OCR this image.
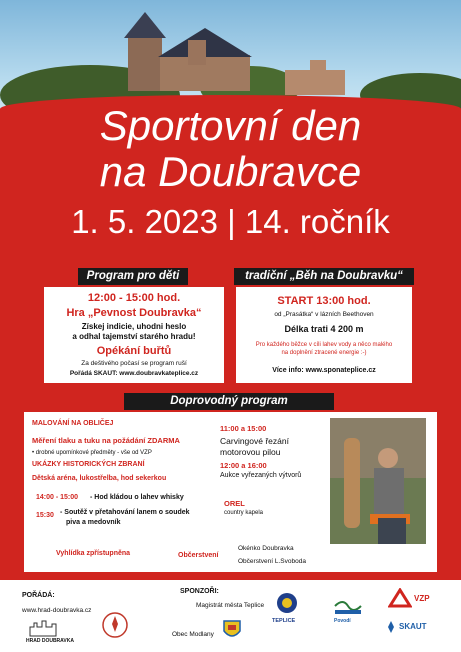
Sportovní den
na Doubravce
1. 5. 2023 | 14. ročník
Program pro děti
12:00 - 15:00 hod.
Hra „Pevnost Doubravka“
Získej indicie, uhodni heslo
a odhal tajemství starého hradu!
Opékání buřtů
Za deštivého počasí se program ruší
Pořádá SKAUT: www.doubravkateplice.cz
tradiční „Běh na Doubravku“
START 13:00 hod.
od „Prasátka“ v lázních Beethoven
Délka trati 4 200 m
Pro každého běžce v cíli lahev vody a něco malého
na doplnění ztracené energie :-)
Více info: www.sponateplice.cz
Doprovodný program
MALOVÁNÍ NA OBLIČEJ
Měření tlaku a tuku na požádání ZDARMA
• drobné upomínkové předměty - vše od VZP
UKÁZKY HISTORICKÝCH ZBRANÍ
Dětská aréna, lukostřelba, hod sekerkou
14:00 - 15:00 - Hod kládou o lahev whisky
15:30 - Soutěž v přetahování lanem o soudek
piva a medovník
Vyhlídka zpřístupněna
11:00 a 15:00
Carvingové řezání
motorovou pilou
12:00 a 16:00
Aukce vyřezaných výtvorů
OREL
country kapela
Občerstvení
Okénko Doubravka
Občerstvení L.Svoboda
POŘÁDÁ:
www.hrad-doubravka.cz
HRAD DOUBRAVKA
SPONZOŘI:
Magistrát města Teplice
Obec Modlany
TEPLICE	Povodí
VZP
SKAUT
